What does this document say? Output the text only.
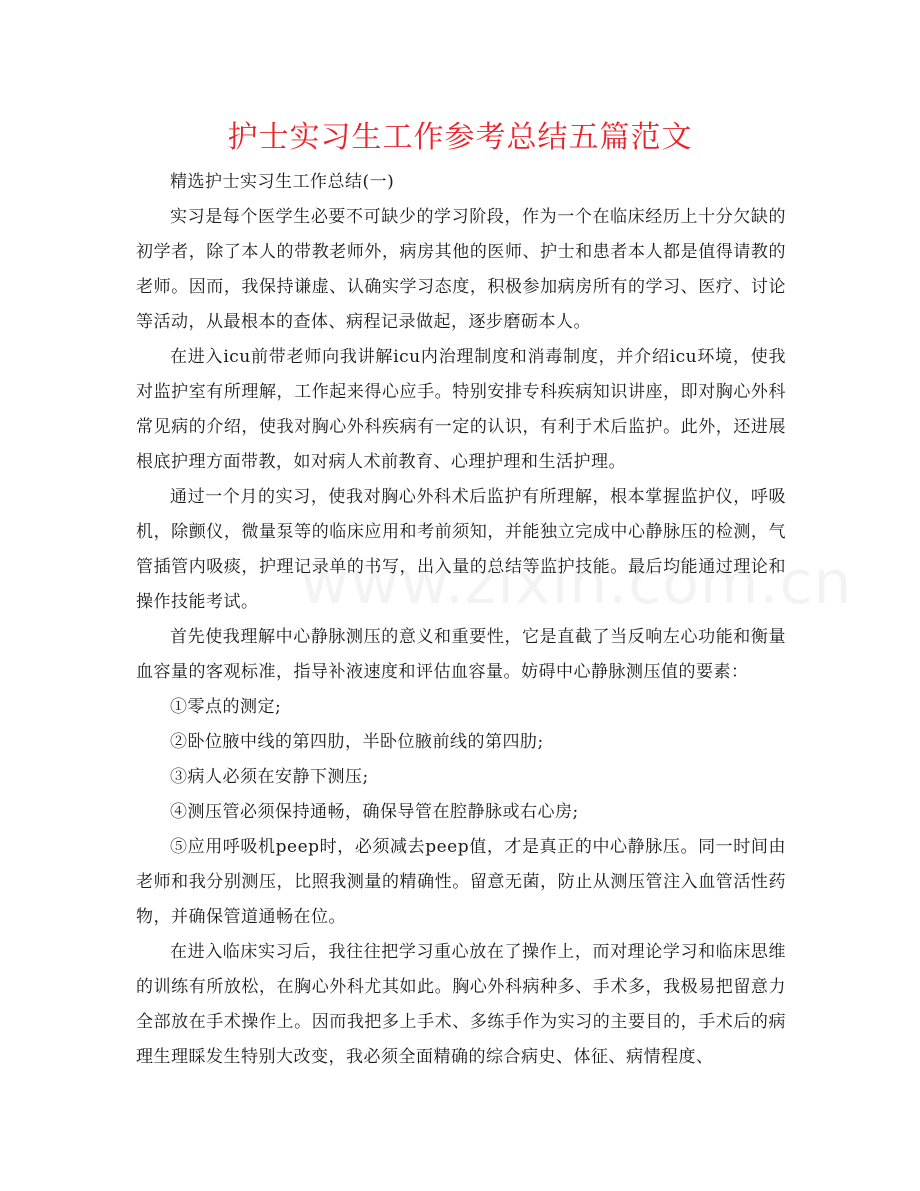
护士实习生工作参考总结五篇范文

精选护士实习生工作总结(一)

实习是每个医学生必要不可缺少的学习阶段，作为一个在临床经历上十分欠缺的初学者，除了本人的带教老师外，病房其他的医师、护士和患者本人都是值得请教的老师。因而，我保持谦虚、认确实学习态度，积极参加病房所有的学习、医疗、讨论等活动，从最根本的查体、病程记录做起，逐步磨砺本人。

在进入icu前带老师向我讲解icu内治理制度和消毒制度，并介绍icu环境，使我对监护室有所理解，工作起来得心应手。特别安排专科疾病知识讲座，即对胸心外科常见病的介绍，使我对胸心外科疾病有一定的认识，有利于术后监护。此外，还进展根底护理方面带教，如对病人术前教育、心理护理和生活护理。

通过一个月的实习，使我对胸心外科术后监护有所理解，根本掌握监护仪，呼吸机，除颤仪，微量泵等的临床应用和考前须知，并能独立完成中心静脉压的检测，气管插管内吸痰，护理记录单的书写，出入量的总结等监护技能。最后均能通过理论和操作技能考试。

首先使我理解中心静脉测压的意义和重要性，它是直截了当反响左心功能和衡量血容量的客观标准，指导补液速度和评估血容量。妨碍中心静脉测压值的要素：

①零点的测定;

②卧位腋中线的第四肋，半卧位腋前线的第四肋;

③病人必须在安静下测压;

④测压管必须保持通畅，确保导管在腔静脉或右心房;

⑤应用呼吸机peep时，必须减去peep值，才是真正的中心静脉压。同一时间由老师和我分别测压，比照我测量的精确性。留意无菌，防止从测压管注入血管活性药物，并确保管道通畅在位。

在进入临床实习后，我往往把学习重心放在了操作上，而对理论学习和临床思维的训练有所放松，在胸心外科尤其如此。胸心外科病种多、手术多，我极易把留意力全部放在手术操作上。因而我把多上手术、多练手作为实习的主要目的，手术后的病理生理睬发生特别大改变，我必须全面精确的综合病史、体征、病情程度、
